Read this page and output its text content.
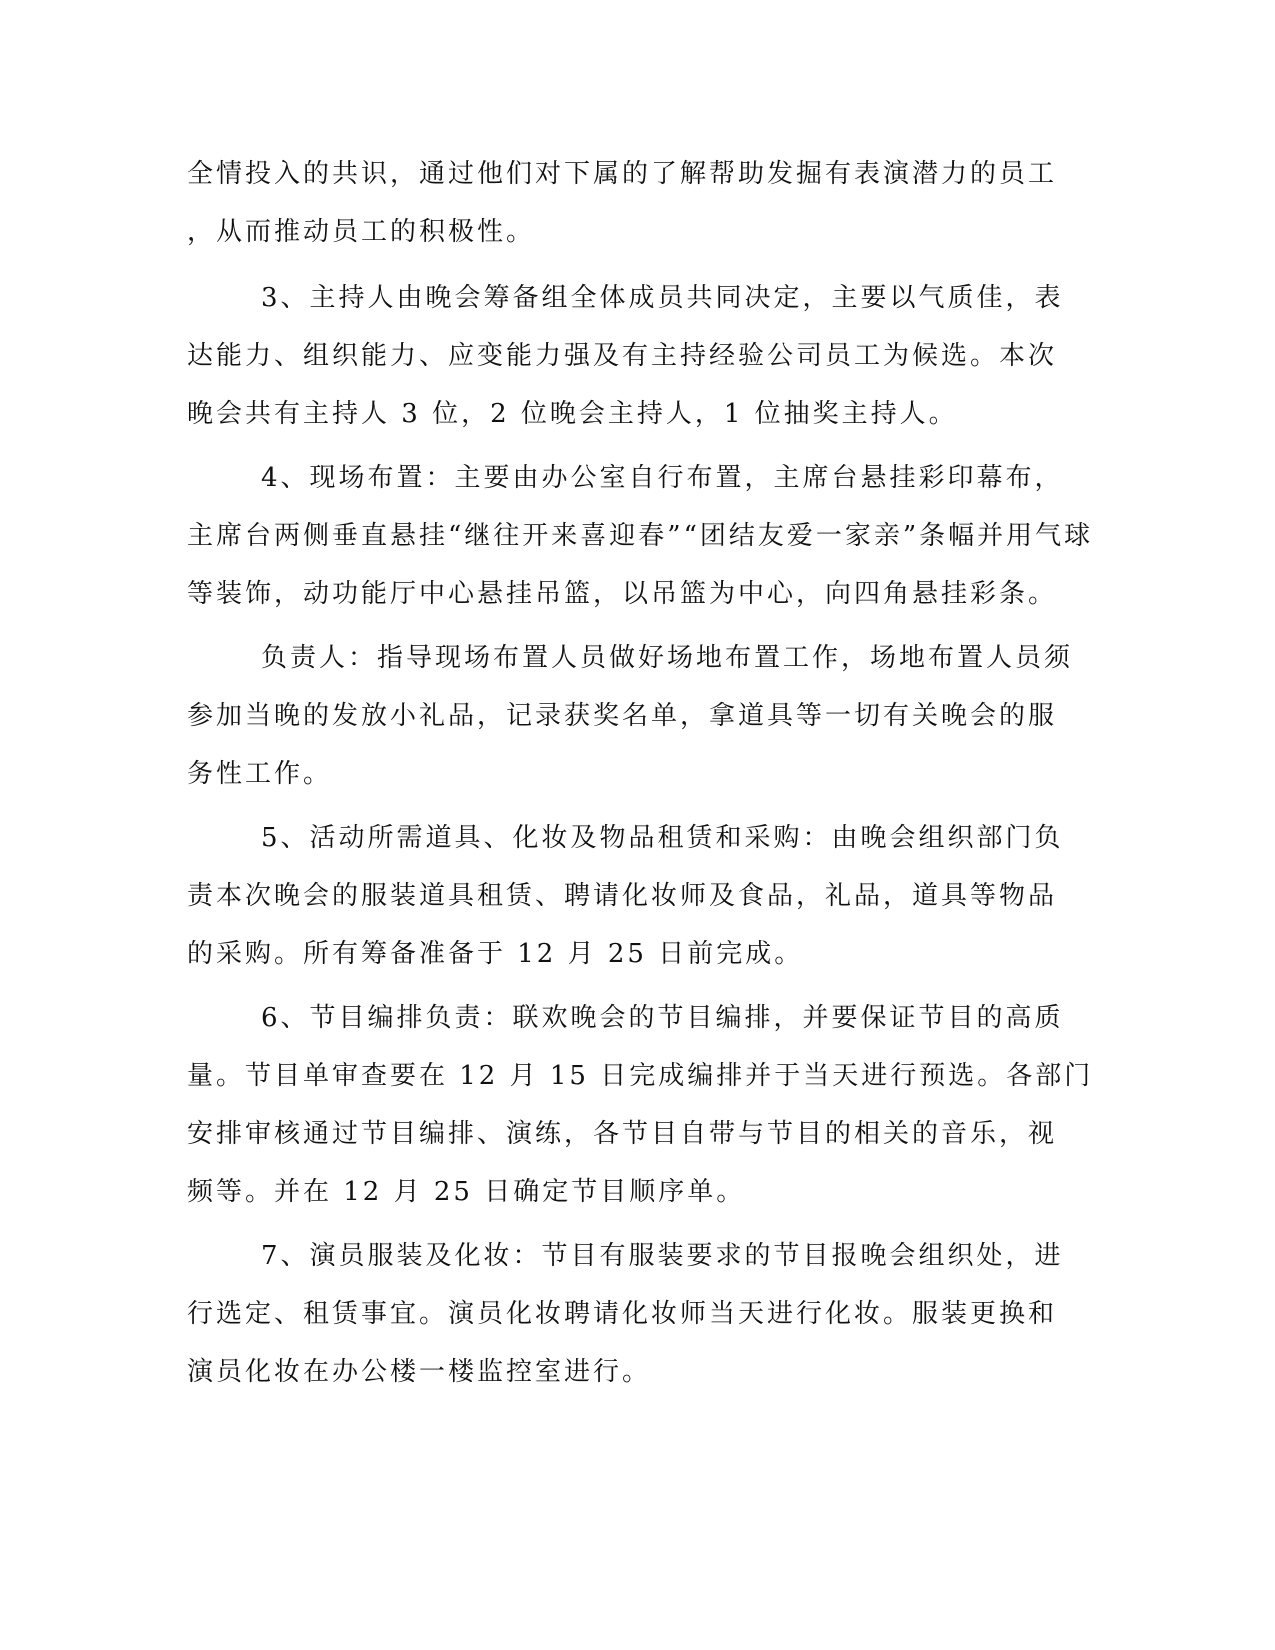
全情投入的共识，通过他们对下属的了解帮助发掘有表演潜力的员工
，从而推动员工的积极性。
3、主持人由晚会筹备组全体成员共同决定，主要以气质佳，表
达能力、组织能力、应变能力强及有主持经验公司员工为候选。本次
晚会共有主持人 3 位，2 位晚会主持人，1 位抽奖主持人。
4、现场布置：主要由办公室自行布置，主席台悬挂彩印幕布，
主席台两侧垂直悬挂“继往开来喜迎春”“团结友爱一家亲”条幅并用气球
等装饰，动功能厅中心悬挂吊篮，以吊篮为中心，向四角悬挂彩条。
负责人：指导现场布置人员做好场地布置工作，场地布置人员须
参加当晚的发放小礼品，记录获奖名单，拿道具等一切有关晚会的服
务性工作。
5、活动所需道具、化妆及物品租赁和采购：由晚会组织部门负
责本次晚会的服装道具租赁、聘请化妆师及食品，礼品，道具等物品
的采购。所有筹备准备于 12 月 25 日前完成。
6、节目编排负责：联欢晚会的节目编排，并要保证节目的高质
量。节目单审查要在 12 月 15 日完成编排并于当天进行预选。各部门
安排审核通过节目编排、演练，各节目自带与节目的相关的音乐，视
频等。并在 12 月 25 日确定节目顺序单。
7、演员服装及化妆：节目有服装要求的节目报晚会组织处，进
行选定、租赁事宜。演员化妆聘请化妆师当天进行化妆。服装更换和
演员化妆在办公楼一楼监控室进行。
